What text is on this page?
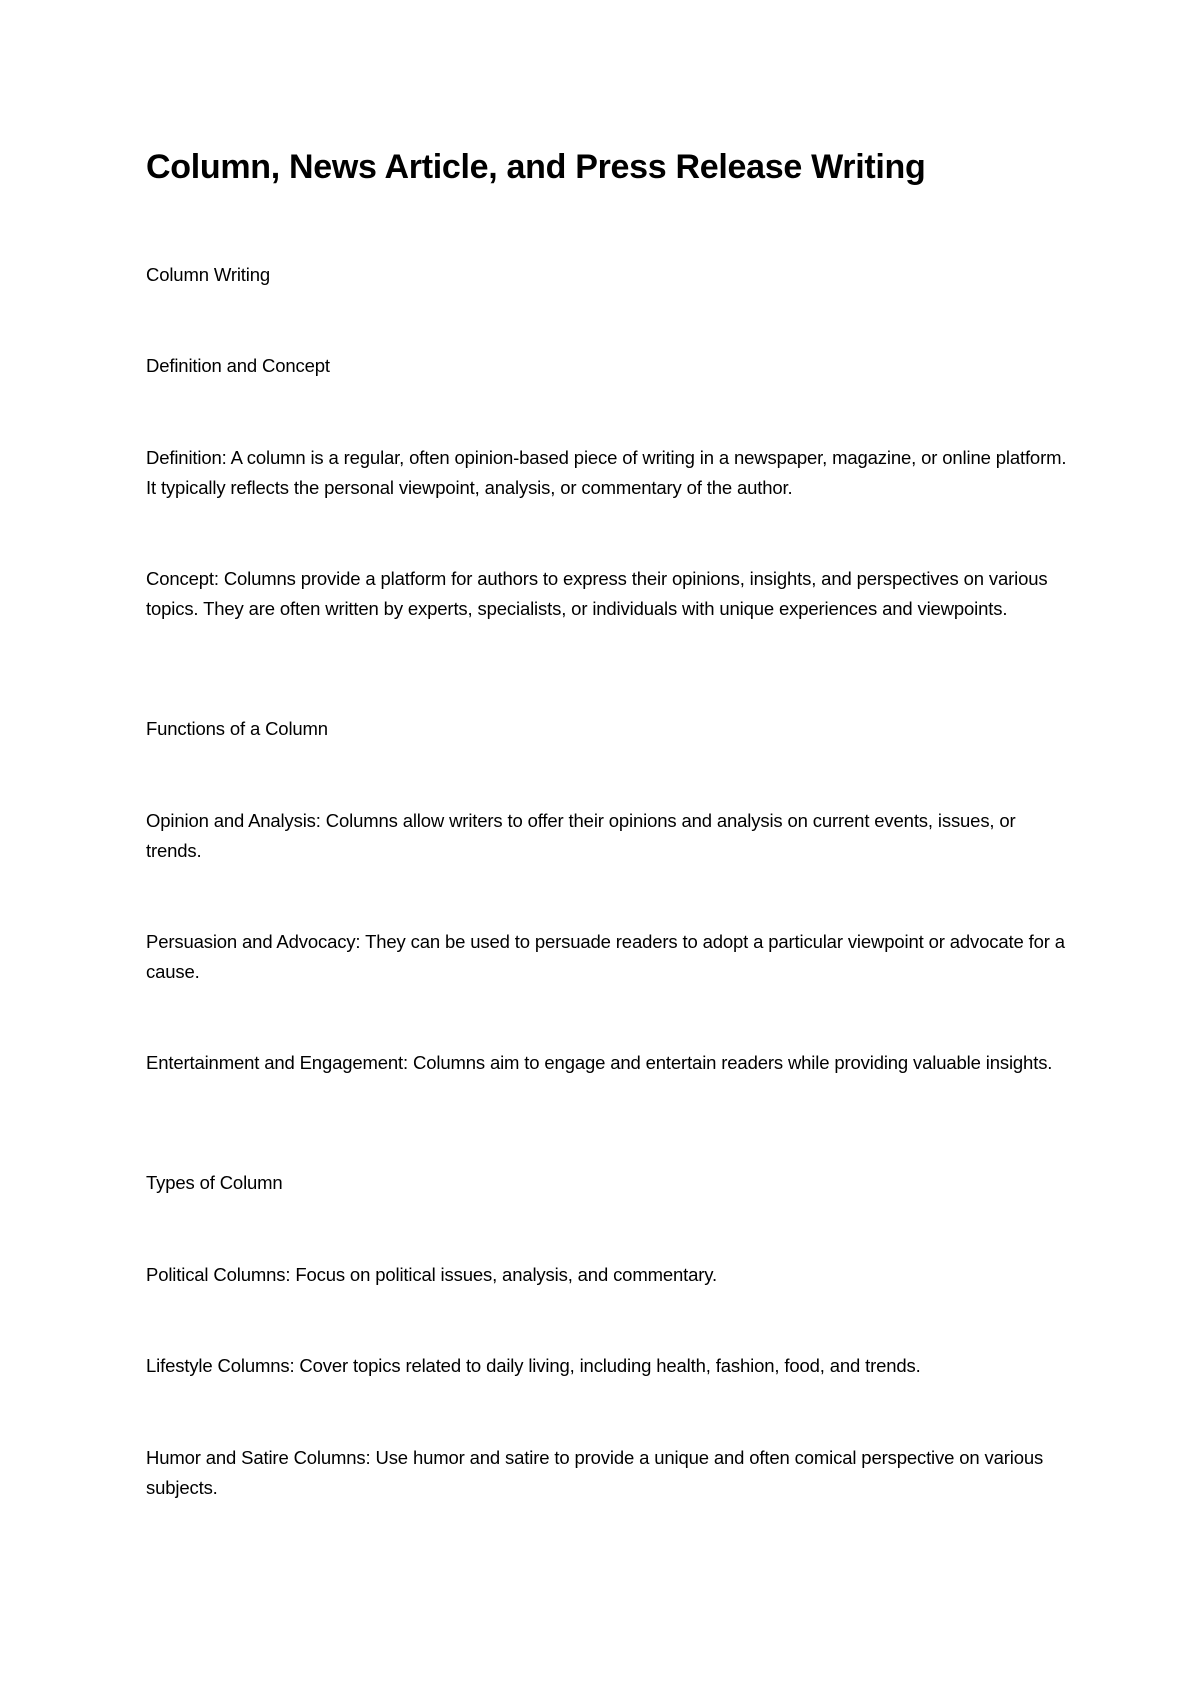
Column, News Article, and Press Release Writing

Column Writing

Definition and Concept

Definition: A column is a regular, often opinion-based piece of writing in a newspaper, magazine, or online platform. It typically reflects the personal viewpoint, analysis, or commentary of the author.

Concept: Columns provide a platform for authors to express their opinions, insights, and perspectives on various topics. They are often written by experts, specialists, or individuals with unique experiences and viewpoints.

Functions of a Column

Opinion and Analysis: Columns allow writers to offer their opinions and analysis on current events, issues, or trends.

Persuasion and Advocacy: They can be used to persuade readers to adopt a particular viewpoint or advocate for a cause.

Entertainment and Engagement: Columns aim to engage and entertain readers while providing valuable insights.

Types of Column

Political Columns: Focus on political issues, analysis, and commentary.

Lifestyle Columns: Cover topics related to daily living, including health, fashion, food, and trends.

Humor and Satire Columns: Use humor and satire to provide a unique and often comical perspective on various subjects.
